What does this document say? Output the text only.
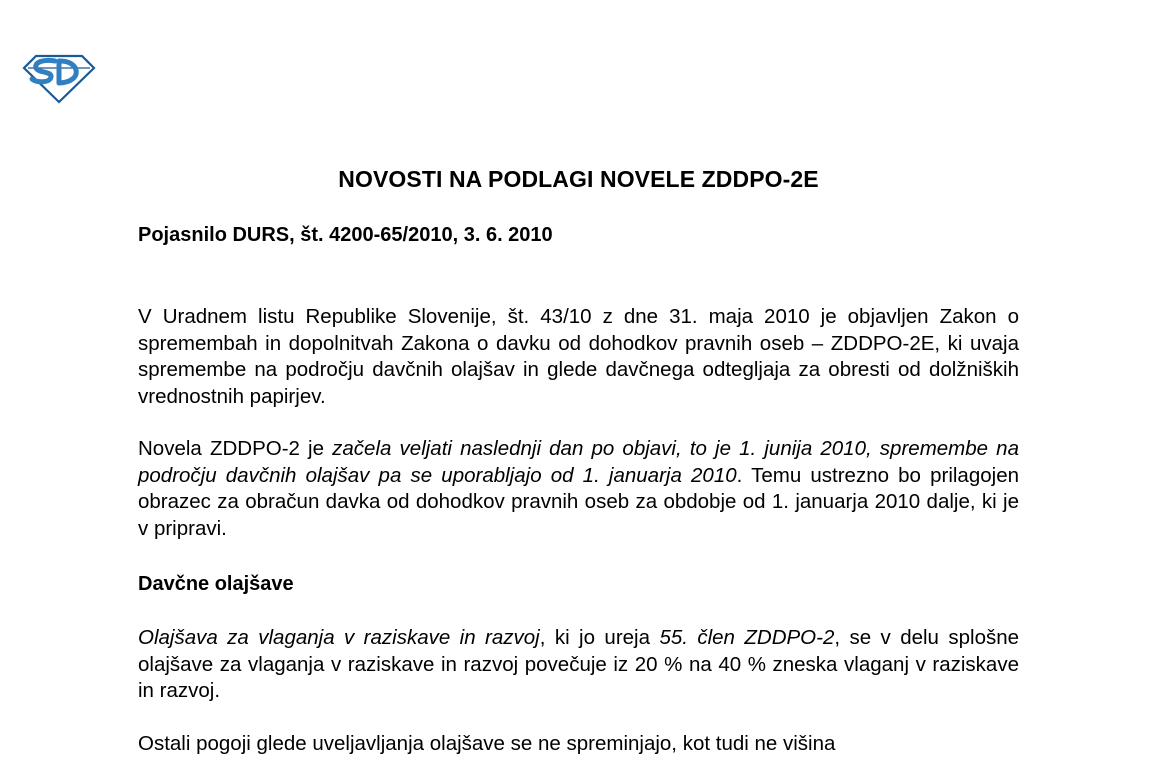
NOVOSTI NA PODLAGI NOVELE ZDDPO-2E

Pojasnilo DURS, št. 4200-65/2010, 3. 6. 2010

V Uradnem listu Republike Slovenije, št. 43/10 z dne 31. maja 2010 je objavljen Zakon o spremembah in dopolnitvah Zakona o davku od dohodkov pravnih oseb – ZDDPO-2E, ki uvaja spremembe na področju davčnih olajšav in glede davčnega odtegljaja za obresti od dolžniških vrednostnih papirjev.

Novela ZDDPO-2 je začela veljati naslednji dan po objavi, to je 1. junija 2010, spremembe na področju davčnih olajšav pa se uporabljajo od 1. januarja 2010. Temu ustrezno bo prilagojen obrazec za obračun davka od dohodkov pravnih oseb za obdobje od 1. januarja 2010 dalje, ki je v pripravi.

Davčne olajšave

Olajšava za vlaganja v raziskave in razvoj, ki jo ureja 55. člen ZDDPO-2, se v delu splošne olajšave za vlaganja v raziskave in razvoj povečuje iz 20 % na 40 % zneska vlaganj v raziskave in razvoj.

Ostali pogoji glede uveljavljanja olajšave se ne spreminjajo, kot tudi ne višina
